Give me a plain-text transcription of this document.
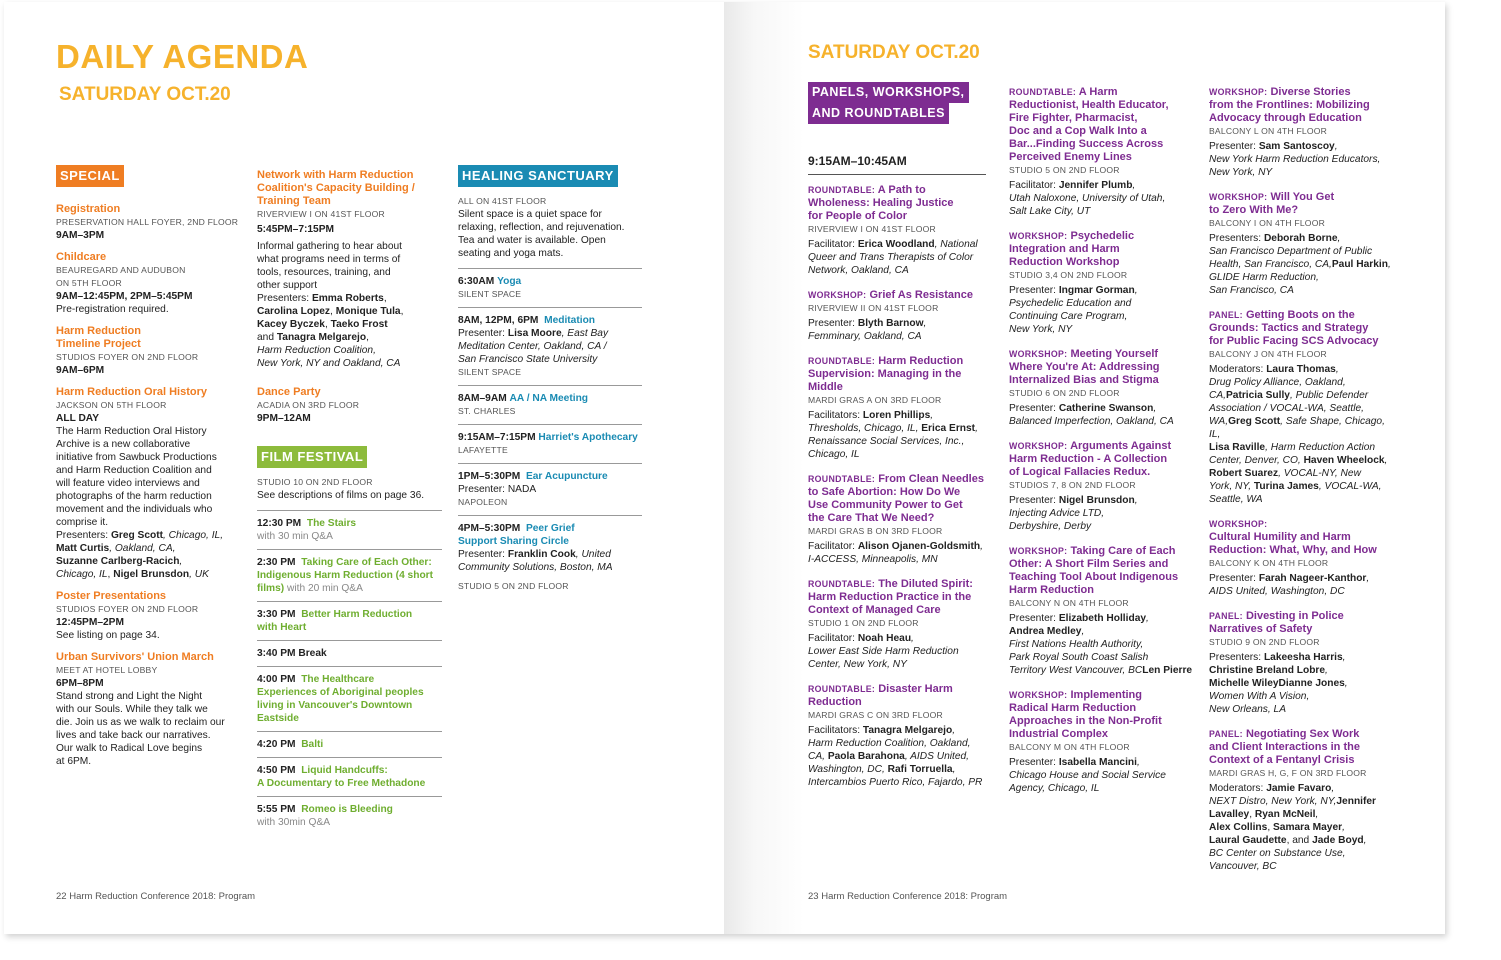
DAILY AGENDA
SATURDAY OCT.20
SPECIAL

Registration

PRESERVATION HALL FOYER, 2ND FLOOR

9AM–3PM

Childcare

BEAUREGARD AND AUDUBON

ON 5TH FLOOR

9AM–12:45PM, 2PM–5:45PM

Pre-registration required.

Harm Reduction

Timeline Project

STUDIOS FOYER ON 2ND FLOOR

9AM–6PM

Harm Reduction Oral History

JACKSON ON 5TH FLOOR

ALL DAY

The Harm Reduction Oral History

Archive is a new collaborative

initiative from Sawbuck Productions

and Harm Reduction Coalition and

will feature video interviews and

photographs of the harm reduction

movement and the individuals who

comprise it.

Presenters: Greg Scott, Chicago, IL,

Matt Curtis, Oakland, CA,

Suzanne Carlberg-Racich,

Chicago, IL, Nigel Brunsdon, UK

Poster Presentations

STUDIOS FOYER ON 2ND FLOOR

12:45PM–2PM

See listing on page 34.

Urban Survivors' Union March

MEET AT HOTEL LOBBY

6PM–8PM

Stand strong and Light the Night

with our Souls. While they talk we

die. Join us as we walk to reclaim our

lives and take back our narratives.

Our walk to Radical Love begins

at 6PM.

Network with Harm Reduction

Coalition's Capacity Building /

Training Team

RIVERVIEW I ON 41ST FLOOR

5:45PM–7:15PM

Informal gathering to hear about

what programs need in terms of

tools, resources, training, and

other support

Presenters: Emma Roberts,

Carolina Lopez, Monique Tula,

Kacey Byczek, Taeko Frost

and Tanagra Melgarejo,

Harm Reduction Coalition,

New York, NY and Oakland, CA

Dance Party

ACADIA ON 3RD FLOOR

9PM–12AM

FILM FESTIVAL

STUDIO 10 ON 2ND FLOOR

See descriptions of films on page 36.

12:30 PM The Stairs

with 30 min Q&A

2:30 PM Taking Care of Each Other:

Indigenous Harm Reduction (4 short

films) with 20 min Q&A

3:30 PM Better Harm Reduction

with Heart

3:40 PM Break

4:00 PM The Healthcare

Experiences of Aboriginal peoples

living in Vancouver's Downtown

Eastside

4:20 PM Balti

4:50 PM Liquid Handcuffs:

A Documentary to Free Methadone

5:55 PM Romeo is Bleeding

with 30min Q&A

HEALING SANCTUARY

ALL ON 41ST FLOOR

Silent space is a quiet space for

relaxing, reflection, and rejuvenation.

Tea and water is available. Open

seating and yoga mats.

6:30AM Yoga

SILENT SPACE

8AM, 12PM, 6PM Meditation

Presenter: Lisa Moore, East Bay

Meditation Center, Oakland, CA /

San Francisco State University

SILENT SPACE

8AM–9AM AA / NA Meeting

ST. CHARLES

9:15AM–7:15PM Harriet's Apothecary

LAFAYETTE

1PM–5:30PM Ear Acupuncture

Presenter: NADA

NAPOLEON

4PM–5:30PM Peer Grief

Support Sharing Circle

Presenter: Franklin Cook, United

Community Solutions, Boston, MA

STUDIO 5 ON 2ND FLOOR

22 Harm Reduction Conference 2018: Program
SATURDAY OCT.20
PANELS, WORKSHOPS,
AND ROUNDTABLES

9:15AM–10:45AM

ROUNDTABLE: A Path to

Wholeness: Healing Justice

for People of Color

RIVERVIEW I ON 41ST FLOOR

Facilitator: Erica Woodland, National

Queer and Trans Therapists of Color

Network, Oakland, CA

WORKSHOP: Grief As Resistance

RIVERVIEW II ON 41ST FLOOR

Presenter: Blyth Barnow,

Femminary, Oakland, CA

ROUNDTABLE: Harm Reduction

Supervision: Managing in the

Middle

MARDI GRAS A ON 3RD FLOOR

Facilitators: Loren Phillips,

Thresholds, Chicago, IL, Erica Ernst,

Renaissance Social Services, Inc.,

Chicago, IL

ROUNDTABLE: From Clean Needles

to Safe Abortion: How Do We

Use Community Power to Get

the Care That We Need?

MARDI GRAS B ON 3RD FLOOR

Facilitator: Alison Ojanen-Goldsmith,

I-ACCESS, Minneapolis, MN

ROUNDTABLE: The Diluted Spirit:

Harm Reduction Practice in the

Context of Managed Care

STUDIO 1 ON 2ND FLOOR

Facilitator: Noah Heau,

Lower East Side Harm Reduction

Center, New York, NY

ROUNDTABLE: Disaster Harm

Reduction

MARDI GRAS C ON 3RD FLOOR

Facilitators: Tanagra Melgarejo,

Harm Reduction Coalition, Oakland,

CA, Paola Barahona, AIDS United,

Washington, DC, Rafi Torruella,

Intercambios Puerto Rico, Fajardo, PR

ROUNDTABLE: A Harm

Reductionist, Health Educator,

Fire Fighter, Pharmacist,

Doc and a Cop Walk Into a

Bar...Finding Success Across

Perceived Enemy Lines

STUDIO 5 ON 2ND FLOOR

Facilitator: Jennifer Plumb,

Utah Naloxone, University of Utah,

Salt Lake City, UT

WORKSHOP: Psychedelic

Integration and Harm

Reduction Workshop

STUDIO 3,4 ON 2ND FLOOR

Presenter: Ingmar Gorman,

Psychedelic Education and

Continuing Care Program,

New York, NY

WORKSHOP: Meeting Yourself

Where You're At: Addressing

Internalized Bias and Stigma

STUDIO 6 ON 2ND FLOOR

Presenter: Catherine Swanson,

Balanced Imperfection, Oakland, CA

WORKSHOP: Arguments Against

Harm Reduction - A Collection

of Logical Fallacies Redux.

STUDIOS 7, 8 ON 2ND FLOOR

Presenter: Nigel Brunsdon,

Injecting Advice LTD,

Derbyshire, Derby

WORKSHOP: Taking Care of Each

Other: A Short Film Series and

Teaching Tool About Indigenous

Harm Reduction

BALCONY N ON 4TH FLOOR

Presenter: Elizabeth Holliday,

Andrea Medley,

First Nations Health Authority,

Park Royal South Coast Salish

Territory West Vancouver, BCLen Pierre

WORKSHOP: Implementing

Radical Harm Reduction

Approaches in the Non-Profit

Industrial Complex

BALCONY M ON 4TH FLOOR

Presenter: Isabella Mancini,

Chicago House and Social Service

Agency, Chicago, IL

WORKSHOP: Diverse Stories

from the Frontlines: Mobilizing

Advocacy through Education

BALCONY L ON 4TH FLOOR

Presenter: Sam Santoscoy,

New York Harm Reduction Educators,

New York, NY

WORKSHOP: Will You Get

to Zero With Me?

BALCONY I ON 4TH FLOOR

Presenters: Deborah Borne,

San Francisco Department of Public

Health, San Francisco, CA,Paul Harkin, GLIDE Harm Reduction,

San Francisco, CA

PANEL: Getting Boots on the

Grounds: Tactics and Strategy

for Public Facing SCS Advocacy

BALCONY J ON 4TH FLOOR

Moderators: Laura Thomas,

Drug Policy Alliance, Oakland, CA,Patricia Sully, Public Defender

Association / VOCAL-WA, Seattle, WA,Greg Scott, Safe Shape, Chicago, IL,

Lisa Raville, Harm Reduction Action

Center, Denver, CO, Haven Wheelock,

Robert Suarez, VOCAL-NY, New

York, NY, Turina James, VOCAL-WA,

Seattle, WA

WORKSHOP:

Cultural Humility and Harm

Reduction: What, Why, and How

BALCONY K ON 4TH FLOOR

Presenter: Farah Nageer-Kanthor,

AIDS United, Washington, DC

PANEL: Divesting in Police

Narratives of Safety

STUDIO 9 ON 2ND FLOOR

Presenters: Lakeesha Harris,

Christine Breland Lobre,

Michelle WileyDianne Jones,

Women With A Vision,

New Orleans, LA

PANEL: Negotiating Sex Work

and Client Interactions in the

Context of a Fentanyl Crisis

MARDI GRAS H, G, F ON 3RD FLOOR

Moderators: Jamie Favaro,

NEXT Distro, New York, NY,Jennifer Lavalley, Ryan McNeil,

Alex Collins, Samara Mayer,

Laural Gaudette, and Jade Boyd,

BC Center on Substance Use,

Vancouver, BC

23 Harm Reduction Conference 2018: Program
